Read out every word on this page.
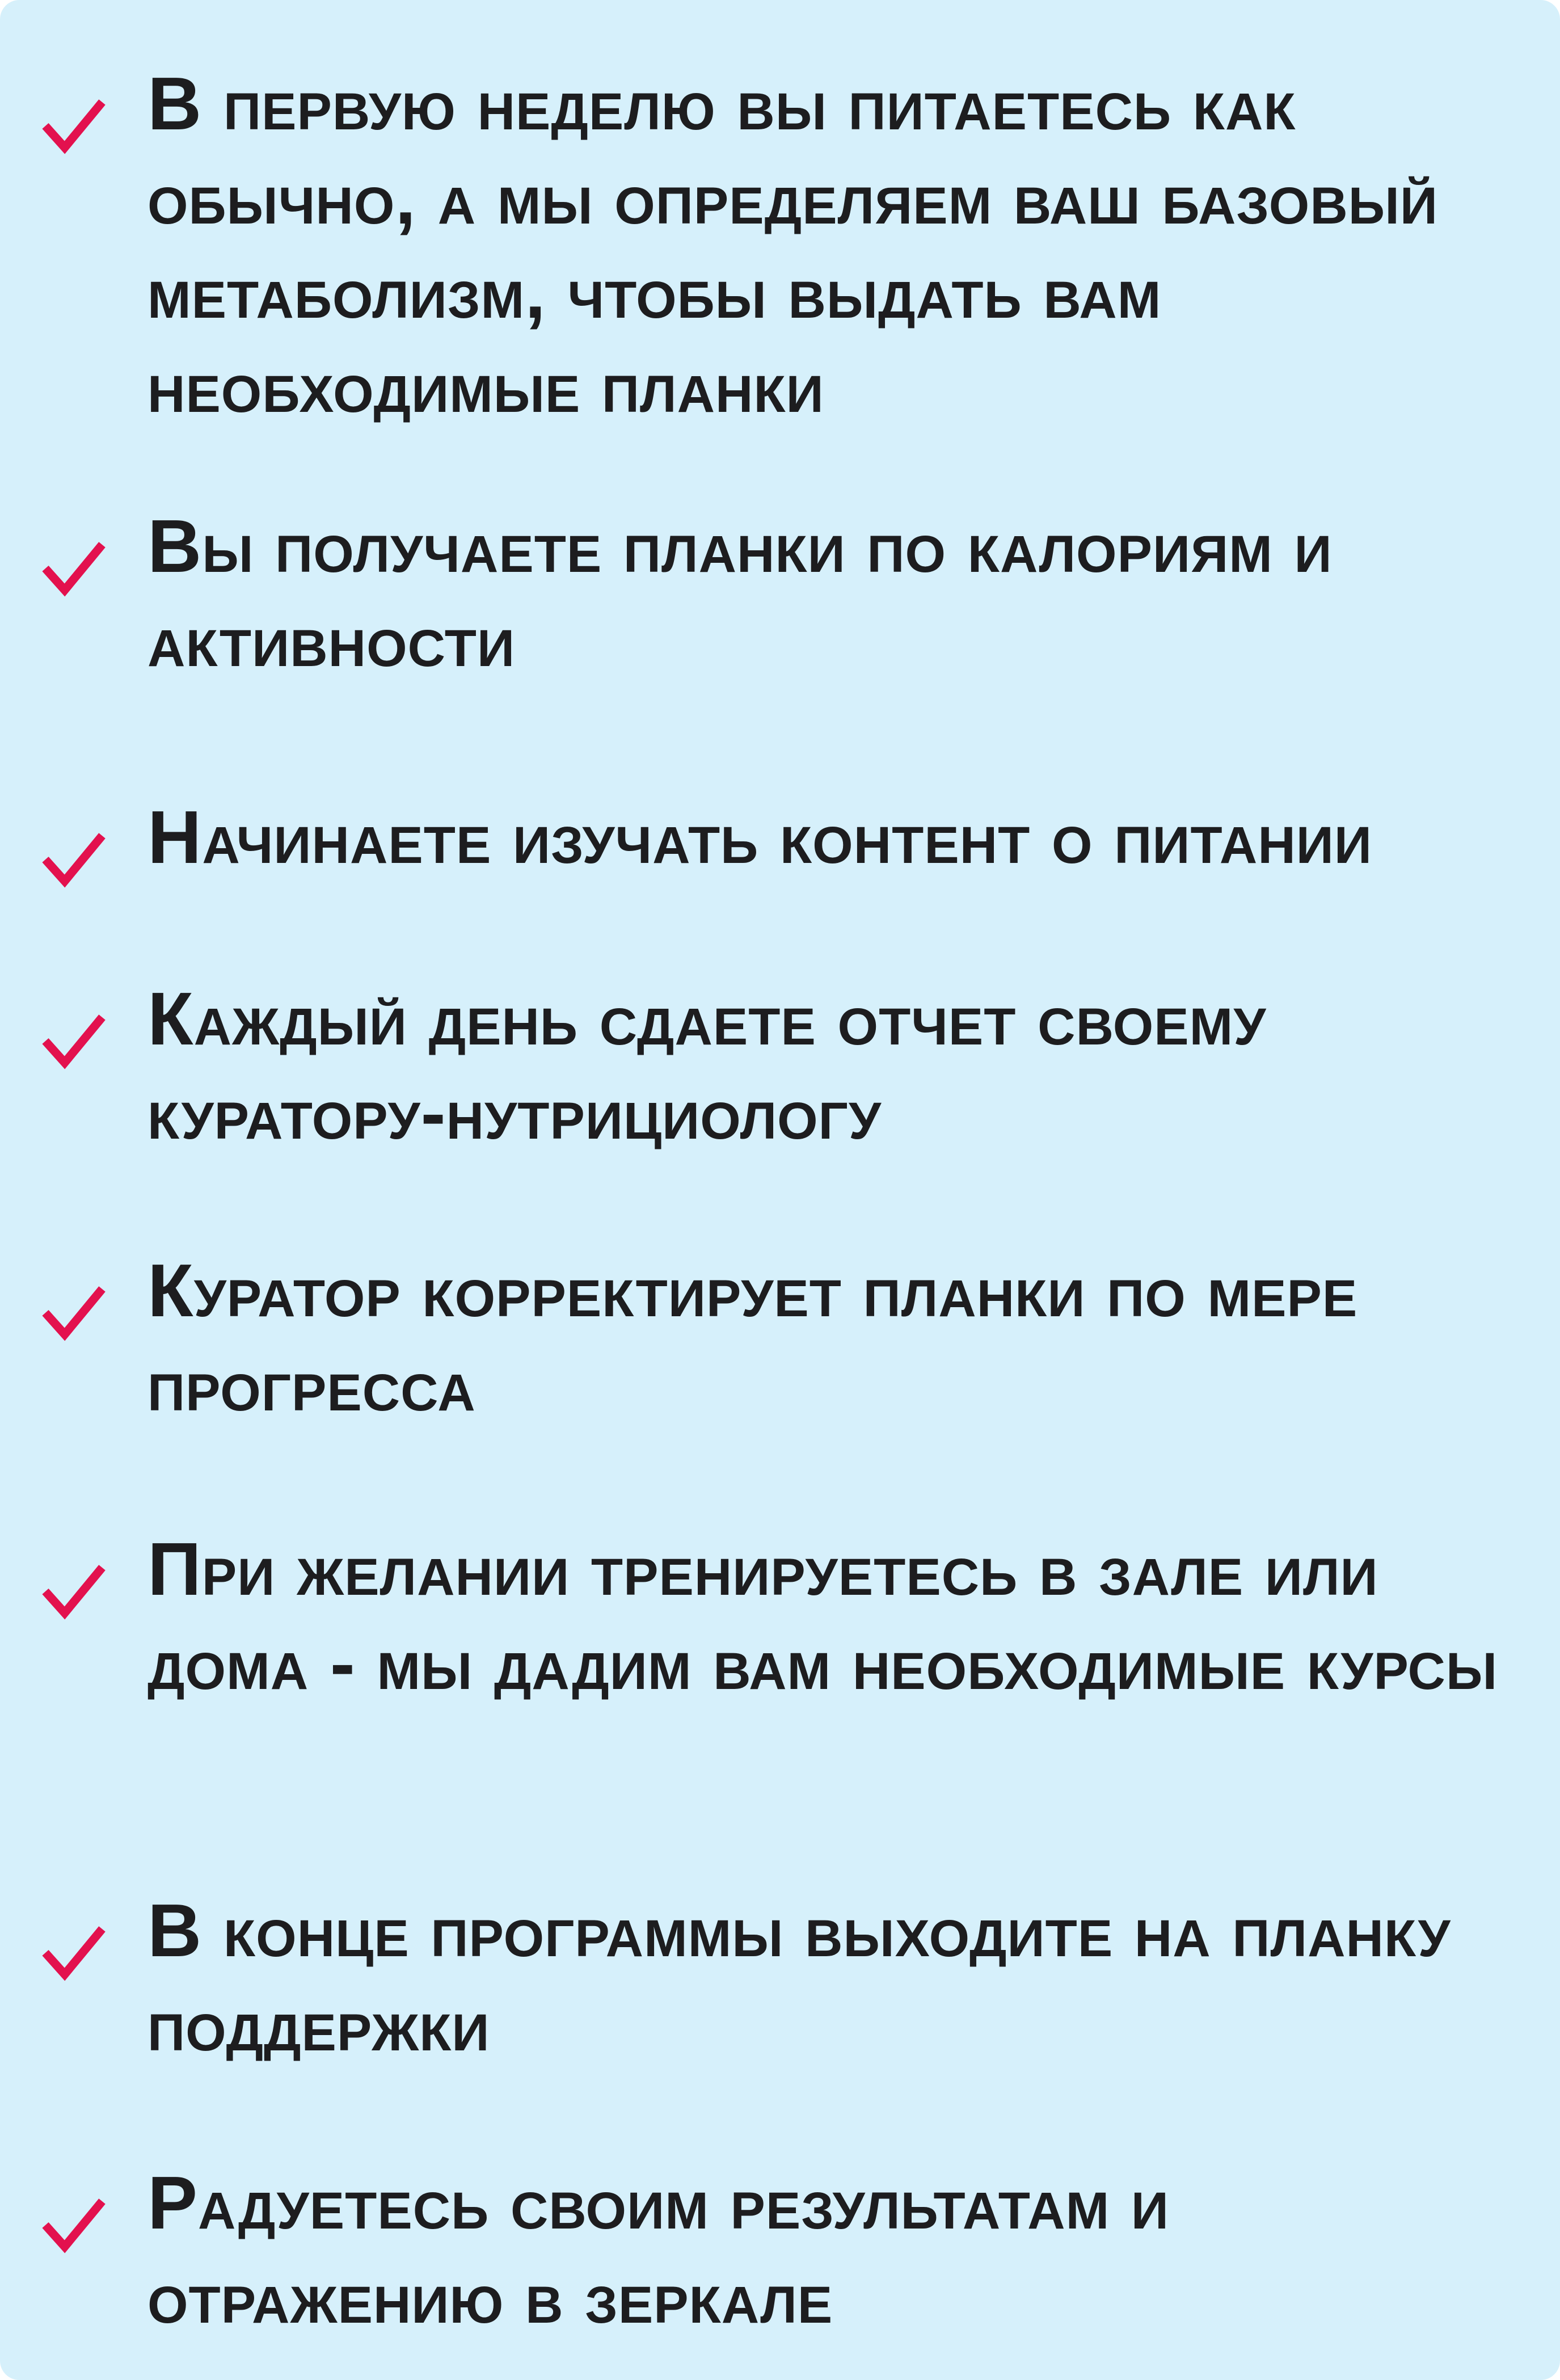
В первую неделю вы питаетесь как обычно, а мы определяем ваш базовый метаболизм, чтобы выдать вам необходимые планки

Вы получаете планки по калориям и активности

Начинаете изучать контент о питании

Каждый день сдаете отчет своему куратору-нутрициологу

Куратор корректирует планки по мере прогресса

При желании тренируетесь в зале или дома - мы дадим вам необходимые курсы

В конце программы выходите на планку поддержки

Радуетесь своим результатам и отражению в зеркале
